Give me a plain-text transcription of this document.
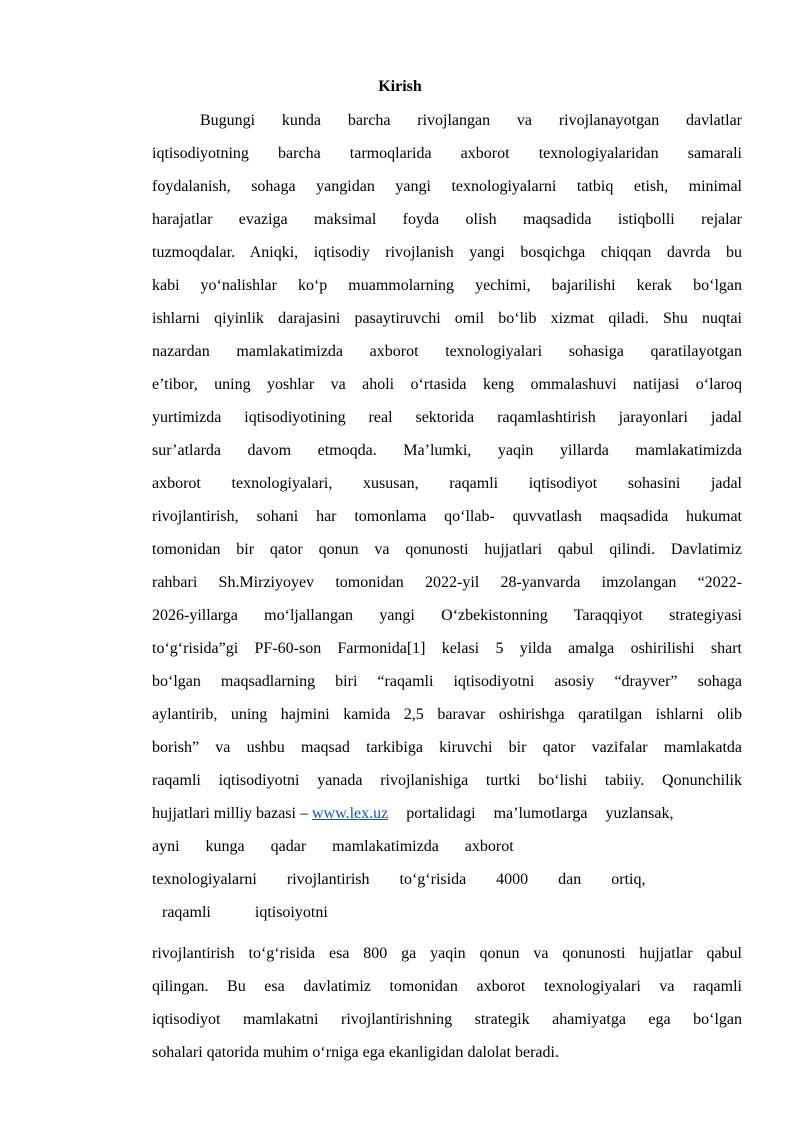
Kirish
Bugungi kunda barcha rivojlangan va rivojlanayotgan davlatlar
iqtisodiyotning barcha tarmoqlarida axborot texnologiyalaridan samarali
foydalanish, sohaga yangidan yangi texnologiyalarni tatbiq etish, minimal
harajatlar evaziga maksimal foyda olish maqsadida istiqbolli rejalar
tuzmoqdalar. Aniqki, iqtisodiy rivojlanish yangi bosqichga chiqqan davrda bu
kabi yo‘nalishlar ko‘p muammolarning yechimi, bajarilishi kerak bo‘lgan
ishlarni qiyinlik darajasini pasaytiruvchi omil bo‘lib xizmat qiladi. Shu nuqtai
nazardan mamlakatimizda axborot texnologiyalari sohasiga qaratilayotgan
e’tibor, uning yoshlar va aholi o‘rtasida keng ommalashuvi natijasi o‘laroq
yurtimizda iqtisodiyotining real sektorida raqamlashtirish jarayonlari jadal
sur’atlarda davom etmoqda. Ma’lumki, yaqin yillarda mamlakatimizda
axborot texnologiyalari, xususan, raqamli iqtisodiyot sohasini jadal
rivojlantirish, sohani har tomonlama qo‘llab- quvvatlash maqsadida hukumat
tomonidan bir qator qonun va qonunosti hujjatlari qabul qilindi. Davlatimiz
rahbari Sh.Mirziyoyev tomonidan 2022-yil 28-yanvarda imzolangan “2022-
2026-yillarga mo‘ljallangan yangi O‘zbekistonning Taraqqiyot strategiyasi
to‘g‘risida”gi PF-60-son Farmonida[1] kelasi 5 yilda amalga oshirilishi shart
bo‘lgan maqsadlarning biri “raqamli iqtisodiyotni asosiy “drayver” sohaga
aylantirib, uning hajmini kamida 2,5 baravar oshirishga qaratilgan ishlarni olib
borish” va ushbu maqsad tarkibiga kiruvchi bir qator vazifalar mamlakatda
raqamli iqtisodiyotni yanada rivojlanishiga turtki bo‘lishi tabiiy. Qonunchilik
hujjatlari milliy bazasi – www.lex.uz portalidagi ma’lumotlarga yuzlansak,
ayni kunga qadar mamlakatimizda axborot
texnologiyalarni rivojlantirish to‘g‘risida 4000 dan ortiq,
raqamli iqtisoiyotni
rivojlantirish to‘g‘risida esa 800 ga yaqin qonun va qonunosti hujjatlar qabul
qilingan. Bu esa davlatimiz tomonidan axborot texnologiyalari va raqamli
iqtisodiyot mamlakatni rivojlantirishning strategik ahamiyatga ega bo‘lgan
sohalari qatorida muhim o‘rniga ega ekanligidan dalolat beradi.
